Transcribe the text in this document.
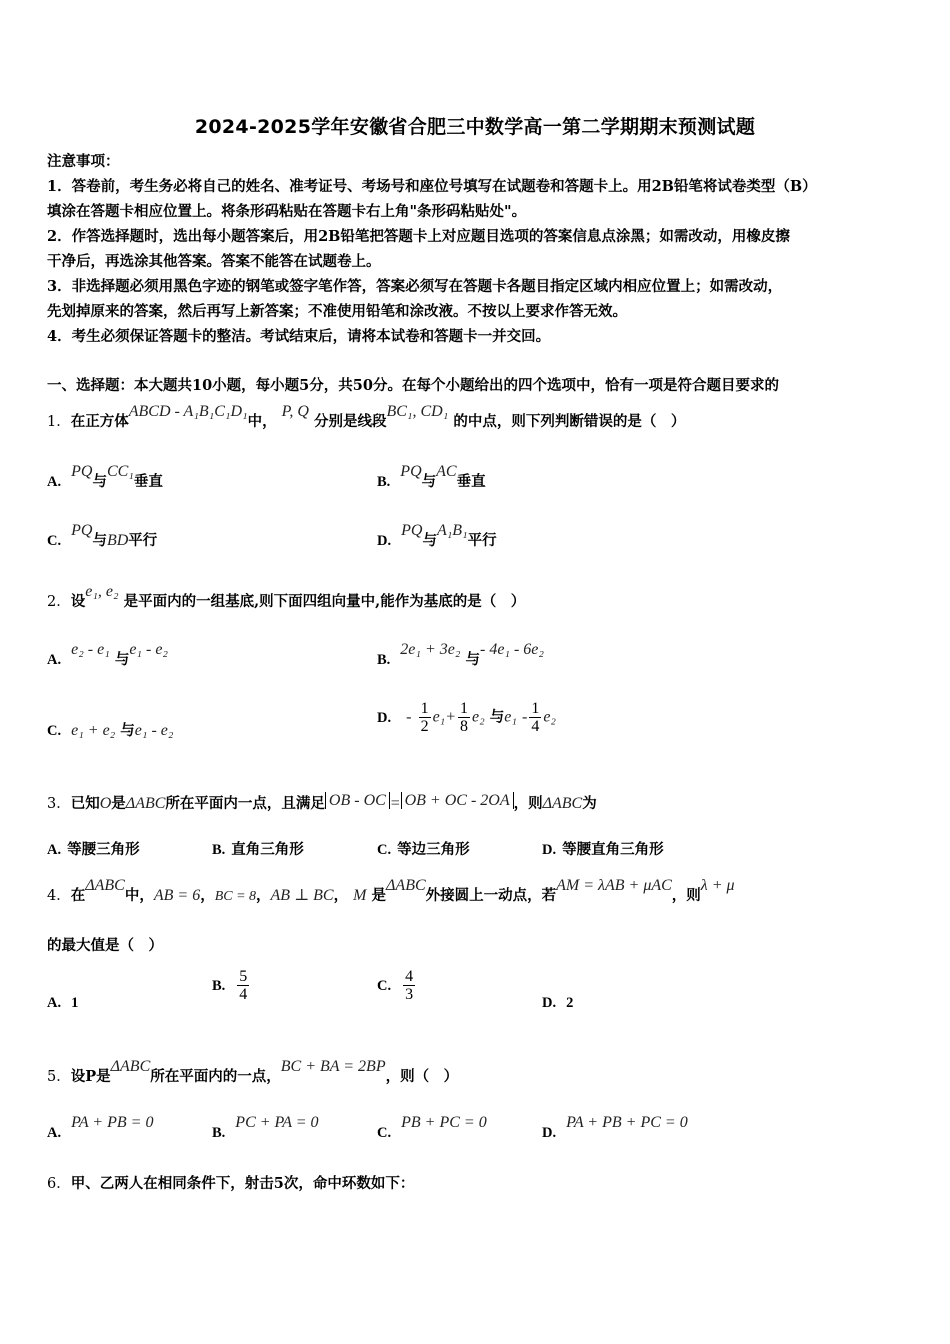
2024-2025学年安徽省合肥三中数学高一第二学期期末预测试题
注意事项：
1．答卷前，考生务必将自己的姓名、准考证号、考场号和座位号填写在试题卷和答题卡上。用2B铅笔将试卷类型（B）
填涂在答题卡相应位置上。将条形码粘贴在答题卡右上角"条形码粘贴处"。
2．作答选择题时，选出每小题答案后，用2B铅笔把答题卡上对应题目选项的答案信息点涂黑；如需改动，用橡皮擦
干净后，再选涂其他答案。答案不能答在试题卷上。
3．非选择题必须用黑色字迹的钢笔或签字笔作答，答案必须写在答题卡各题目指定区域内相应位置上；如需改动，
先划掉原来的答案，然后再写上新答案；不准使用铅笔和涂改液。不按以上要求作答无效。
4．考生必须保证答题卡的整洁。考试结束后，请将本试卷和答题卡一并交回。
一、选择题：本大题共10小题，每小题5分，共50分。在每个小题给出的四个选项中，恰有一项是符合题目要求的
1．在正方体ABCD - A₁B₁C₁D₁中， P, Q 分别是线段BC₁, CD₁ 的中点，则下列判断错误的是（　）
A.PQ与CC₁垂直	B.PQ与AC垂直
C.PQ与BD平行	D.PQ与A₁B₁平行
2．设e₁, e₂ 是平面内的一组基底,则下面四组向量中,能作为基底的是（　）
A.e₂ - e₁ 与e₁ - e₂
B.2e₁ + 3e₂ 与- 4e₁ - 6e₂
C. e₁ + e₂ 与e₁ - e₂
D. - $\frac{1}{2} e_1+ \frac{1}{8} e_2$ 与$e_1 - \frac{1}{4} e_2$
3．已知O是ΔABC所在平面内一点，且满足 OB - OC = OB + OC - 2OA ，则ΔABC为
A. 等腰三角形	B. 直角三角形	C. 等边三角形	D. 等腰直角三角形
4．在ΔABC中，AB = 6，BC = 8，AB ⊥ BC， M 是ΔABC外接圆上一动点，若AM = λAB + μAC，则λ + μ
的最大值是（　）
A. 1
B. $\frac{5}{4}$	C. $\frac{4}{3}$	D. 2
5．设P是ΔABC所在平面内的一点，BC + BA = 2BP，则（　）
A.PA + PB = 0
B.PC + PA = 0
C.PB + PC = 0
D.PA + PB + PC = 0
6．甲、乙两人在相同条件下，射击5次，命中环数如下：
